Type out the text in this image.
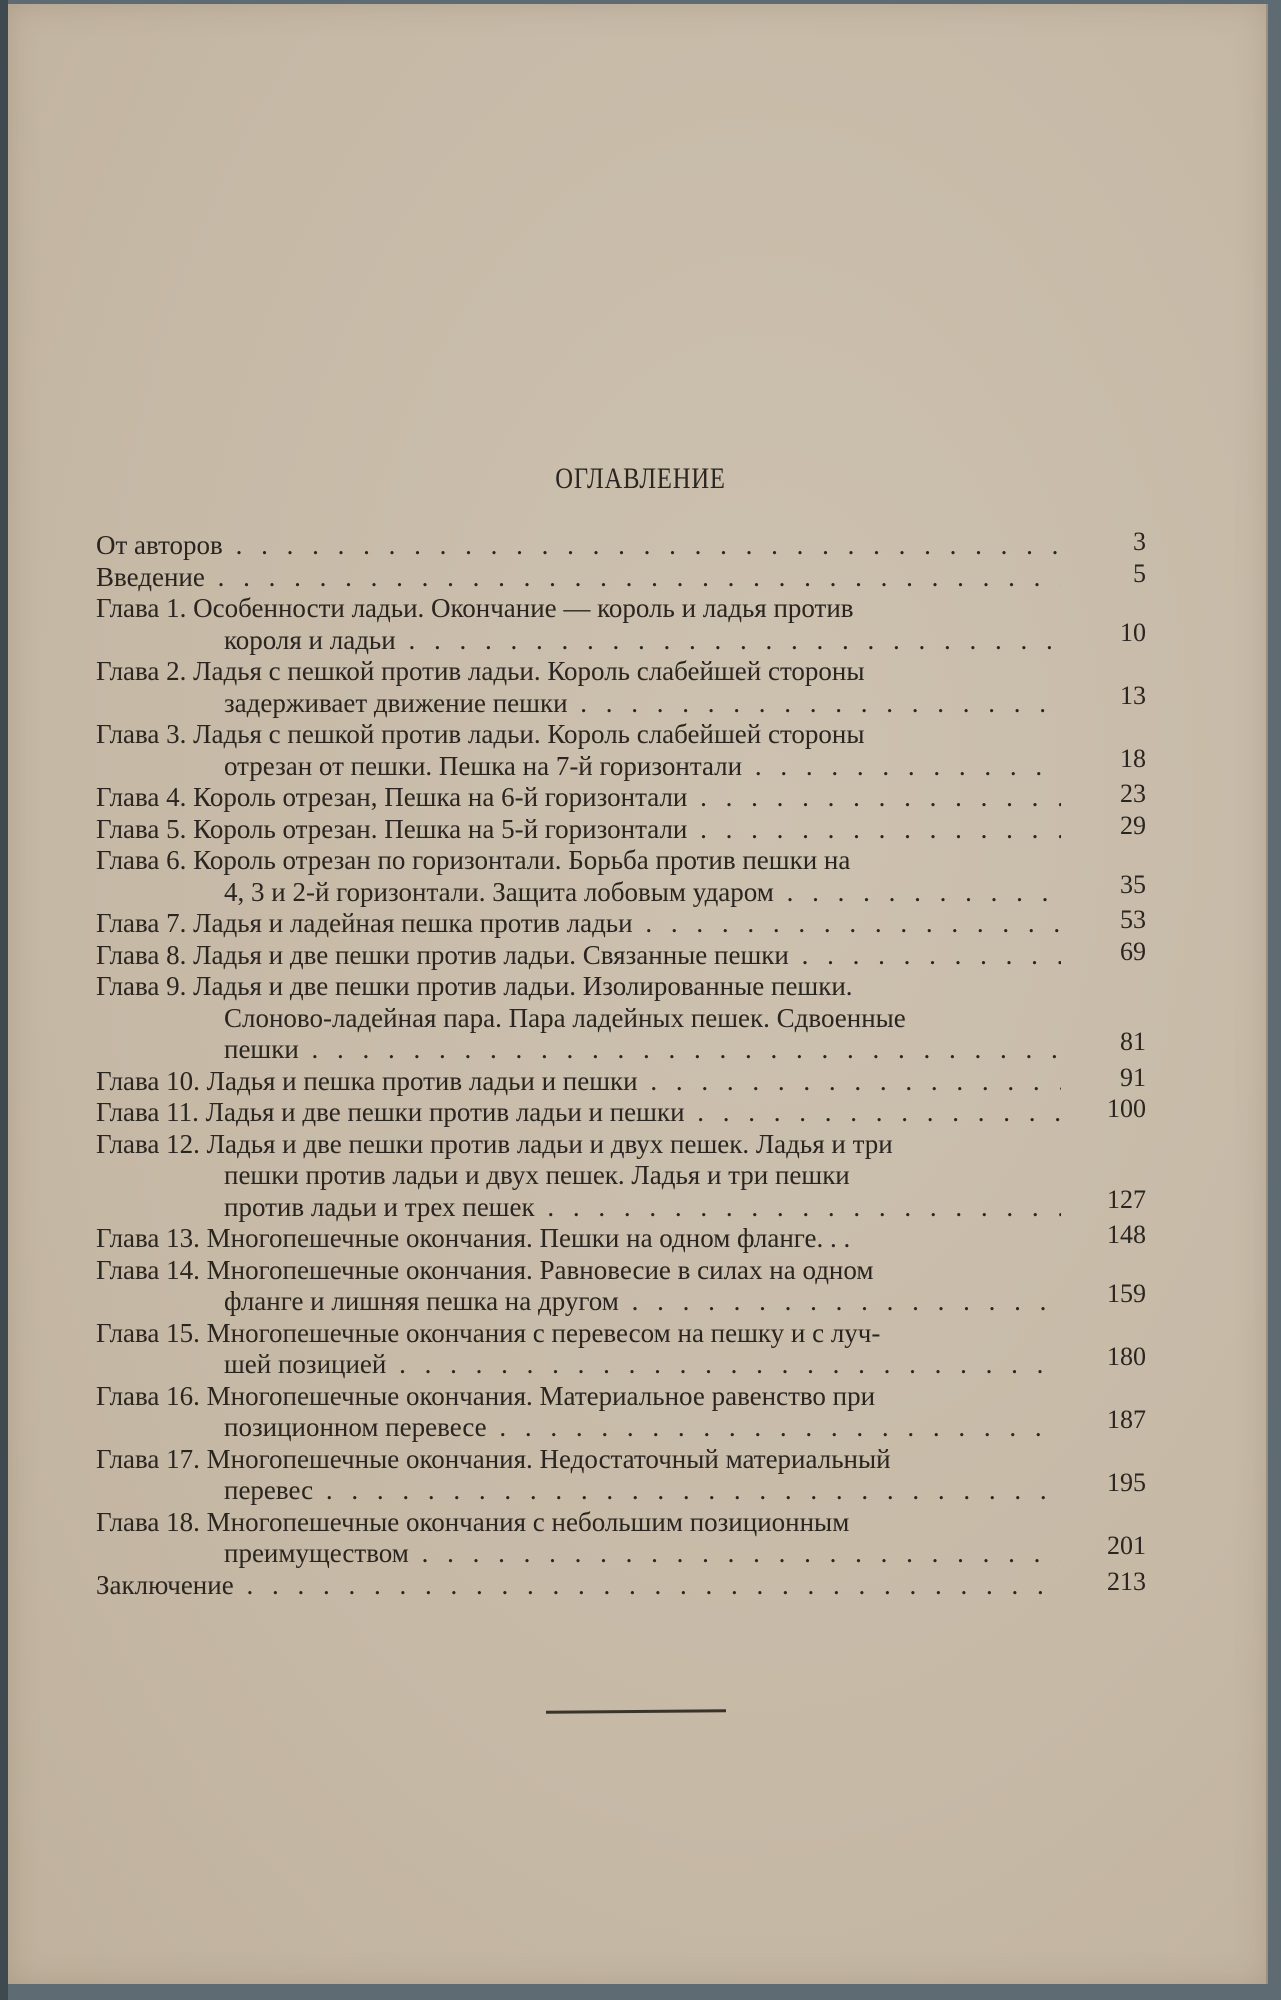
ОГЛАВЛЕНИЕ
От авторов . . .	3
Введение . . .	5
Глава 1. Особенности ладьи. Окончание — король и ладья против
короля и ладьи . . .	10
Глава 2. Ладья с пешкой против ладьи. Король слабейшей стороны
задерживает движение пешки . . .	13
Глава 3. Ладья с пешкой против ладьи. Король слабейшей стороны
отрезан от пешки. Пешка на 7-й горизонтали . . .	18
Глава 4. Король отрезан, Пешка на 6-й горизонтали . . .	23
Глава 5. Король отрезан. Пешка на 5-й горизонтали . . .	29
Глава 6. Король отрезан по горизонтали. Борьба против пешки на
4, 3 и 2-й горизонтали. Защита лобовым ударом . . .	35
Глава 7. Ладья и ладейная пешка против ладьи . . .	53
Глава 8. Ладья и две пешки против ладьи. Связанные пешки . . .	69
Глава 9. Ладья и две пешки против ладьи. Изолированные пешки.
Слоново-ладейная пара. Пара ладейных пешек. Сдвоенные
пешки . . .	81
Глава 10. Ладья и пешка против ладьи и пешки . . .	91
Глава 11. Ладья и две пешки против ладьи и пешки . . .	100
Глава 12. Ладья и две пешки против ладьи и двух пешек. Ладья и три
пешки против ладьи и двух пешек. Ладья и три пешки
против ладьи и трех пешек . . .	127
Глава 13. Многопешечные окончания. Пешки на одном фланге. . .	148
Глава 14. Многопешечные окончания. Равновесие в силах на одном
фланге и лишняя пешка на другом . . .	159
Глава 15. Многопешечные окончания с перевесом на пешку и с луч-
шей позицией . . .	180
Глава 16. Многопешечные окончания. Материальное равенство при
позиционном перевесе . . .	187
Глава 17. Многопешечные окончания. Недостаточный материальный
перевес . . .	195
Глава 18. Многопешечные окончания с небольшим позиционным
преимуществом . . .	201
Заключение . . .	213
